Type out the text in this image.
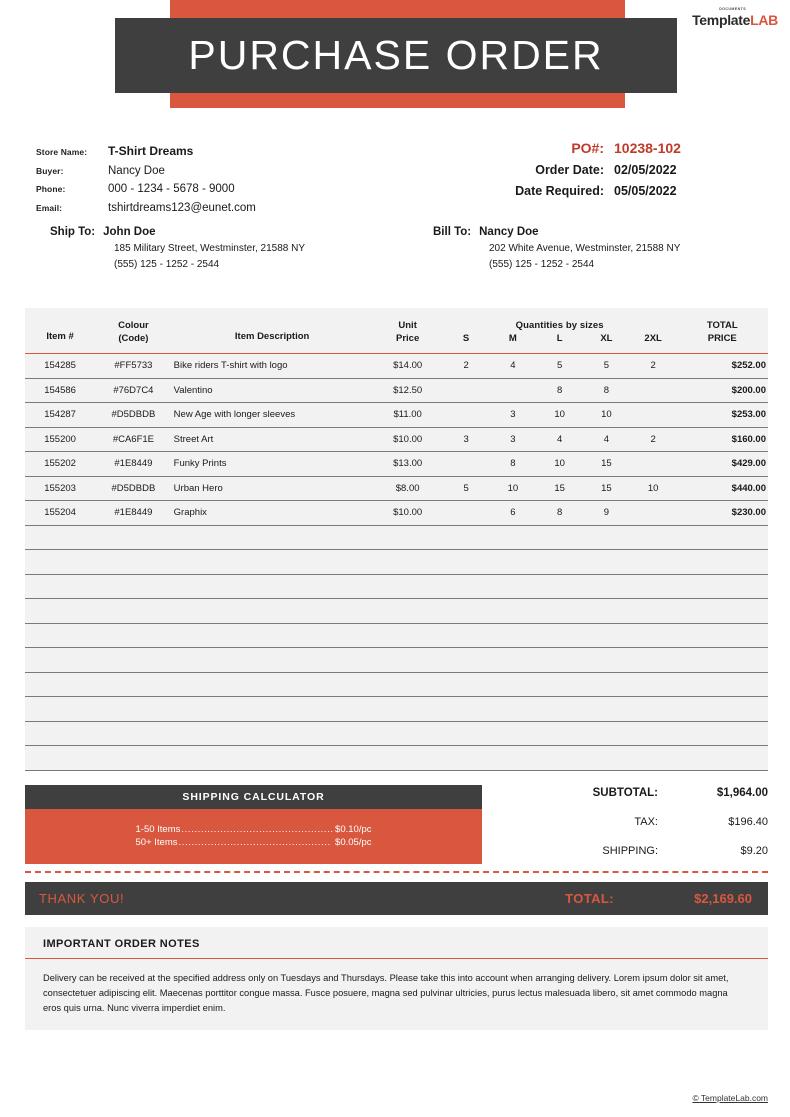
PURCHASE ORDER
DOCUMENTS
TemplateLAB
Store Name:	T-Shirt Dreams
Buyer:	Nancy Doe
Phone:	000 - 1234 - 5678 - 9000
Email:	tshirtdreams123@eunet.com
PO#: 10238-102
Order Date: 02/05/2022
Date Required: 05/05/2022
Ship To: John Doe
185 Military Street, Westminster, 21588 NY
(555) 125 - 1252 - 2544
Bill To: Nancy Doe
202 White Avenue, Westminster, 21588 NY
(555) 125 - 1252 - 2544
Item #	Colour	Item Description	Unit	Quantities by sizes					TOTAL
	(Code)		Price	S	M	L	XL	2XL	PRICE

154285	#FF5733	Bike riders T-shirt with logo	$14.00	2	4	5	5	2	$252.00
154586	#76D7C4	Valentino	$12.50			8	8		$200.00
154287	#D5DBDB	New Age with longer sleeves	$11.00		3	10	10		$253.00
155200	#CA6F1E	Street Art	$10.00	3	3	4	4	2	$160.00
155202	#1E8449	Funky Prints	$13.00		8	10	15		$429.00
155203	#D5DBDB	Urban Hero	$8.00	5	10	15	15	10	$440.00
155204	#1E8449	Graphix	$10.00		6	8	9		$230.00

SHIPPING CALCULATOR
1-50 Items ............................................... $0.10/pc
50+ Items ............................................... $0.05/pc
SUBTOTAL:	$1,964.00
TAX:	$196.40
SHIPPING:	$9.20
THANK YOU!	TOTAL:	$2,169.60
IMPORTANT ORDER NOTES
Delivery can be received at the specified address only on Tuesdays and Thursdays. Please take this into account when arranging delivery. Lorem ipsum dolor sit amet, consectetuer adipiscing elit. Maecenas porttitor congue massa. Fusce posuere, magna sed pulvinar ultricies, purus lectus malesuada libero, sit amet commodo magna eros quis urna. Nunc viverra imperdiet enim.
© TemplateLab.com
